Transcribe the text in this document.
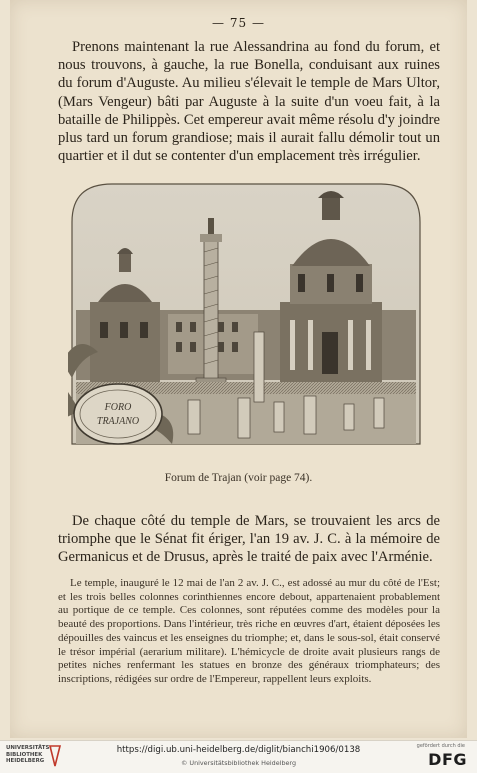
— 75 —

Prenons maintenant la rue Alessandrina au fond du forum, et nous trouvons, à gauche, la rue Bonella, conduisant aux ruines du forum d'Auguste. Au milieu s'élevait le temple de Mars Ultor, (Mars Vengeur) bâti par Auguste à la suite d'un voeu fait, à la bataille de Philippès. Cet empereur avait même résolu d'y joindre plus tard un forum grandiose; mais il aurait fallu démolir tout un quartier et il dut se contenter d'un emplacement très irrégulier.

FORO
TRAJANO
Forum de Trajan (voir page 74).

De chaque côté du temple de Mars, se trouvaient les arcs de triomphe que le Sénat fit ériger, l'an 19 av. J. C. à la mémoire de Germanicus et de Drusus, après le traité de paix avec l'Arménie.

Le temple, inauguré le 12 mai de l'an 2 av. J. C., est adossé au mur du côté de l'Est; et les trois belles colonnes corinthiennes encore debout, appartenaient probablement au portique de ce temple. Ces colonnes, sont réputées comme des modèles pour la beauté des proportions. Dans l'intérieur, très riche en œuvres d'art, étaient déposées les dépouilles des vaincus et les enseignes du triomphe; et, dans le sous-sol, était conservé le trésor impérial (aerarium militare). L'hémicycle de droite avait plusieurs rangs de petites niches renfermant les statues en bronze des généraux triomphateurs; des inscriptions, rédigées sur ordre de l'Empereur, rappellent leurs exploits.

UNIVERSITÄTS-
BIBLIOTHEK
HEIDELBERG
https://digi.ub.uni-heidelberg.de/diglit/bianchi1906/0138
© Universitätsbibliothek Heidelberg
gefördert durch die
DFG
